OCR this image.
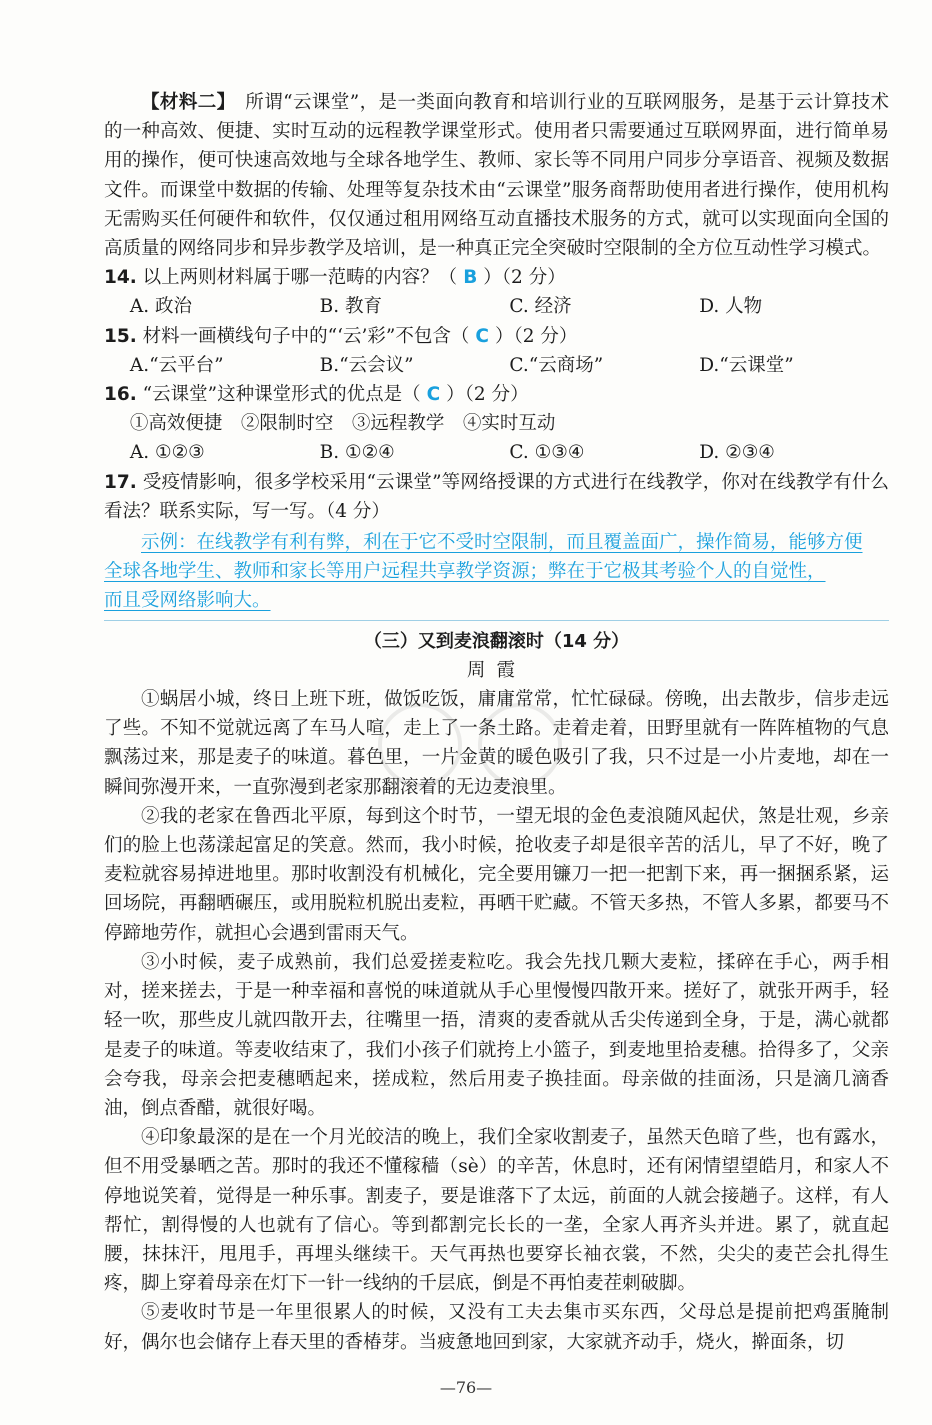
【材料二】　 所谓“云课堂”，是一类面向教育和培训行业的互联网服务，是基于云计算技术的一种高效、便捷、实时互动的远程教学课堂形式。使用者只需要通过互联网界面，进行简单易用的操作，便可快速高效地与全球各地学生、教师、家长等不同用户同步分享语音、视频及数据文件。而课堂中数据的传输、处理等复杂技术由“云课堂”服务商帮助使用者进行操作，使用机构无需购买任何硬件和软件，仅仅通过租用网络互动直播技术服务的方式，就可以实现面向全国的高质量的网络同步和异步教学及培训，是一种真正完全突破时空限制的全方位互动性学习模式。

14. 以上两则材料属于哪一范畴的内容？（ B ）（2 分）

A. 政治	B. 教育	C. 经济	D. 人物

15. 材料一画横线句子中的“‘云’彩”不包含（ C ）（2 分）

A.“云平台”	B.“云会议”	C.“云商场”	D.“云课堂”

16. “云课堂”这种课堂形式的优点是（ C ）（2 分）

①高效便捷　②限制时空　③远程教学　④实时互动

A. ①②③	B. ①②④	C. ①③④	D. ②③④

17. 受疫情影响，很多学校采用“云课堂”等网络授课的方式进行在线教学，你对在线教学有什么看法？联系实际，写一写。（4 分）

示例：在线教学有利有弊，利在于它不受时空限制，而且覆盖面广，操作简易，能够方便
全球各地学生、教师和家长等用户远程共享教学资源；弊在于它极其考验个人的自觉性，
而且受网络影响大。

（三）又到麦浪翻滚时（14 分）

周霞

①蜗居小城，终日上班下班，做饭吃饭，庸庸常常，忙忙碌碌。傍晚，出去散步，信步走远了些。不知不觉就远离了车马人喧，走上了一条土路。走着走着，田野里就有一阵阵植物的气息飘荡过来，那是麦子的味道。暮色里，一片金黄的暖色吸引了我，只不过是一小片麦地，却在一瞬间弥漫开来，一直弥漫到老家那翻滚着的无边麦浪里。

②我的老家在鲁西北平原，每到这个时节，一望无垠的金色麦浪随风起伏，煞是壮观，乡亲们的脸上也荡漾起富足的笑意。然而，我小时候，抢收麦子却是很辛苦的活儿，早了不好，晚了麦粒就容易掉进地里。那时收割没有机械化，完全要用镰刀一把一把割下来，再一捆捆系紧，运回场院，再翻晒碾压，或用脱粒机脱出麦粒，再晒干贮藏。不管天多热，不管人多累，都要马不停蹄地劳作，就担心会遇到雷雨天气。

③小时候，麦子成熟前，我们总爱搓麦粒吃。我会先找几颗大麦粒，揉碎在手心，两手相对，搓来搓去，于是一种幸福和喜悦的味道就从手心里慢慢四散开来。搓好了，就张开两手，轻轻一吹，那些皮儿就四散开去，往嘴里一捂，清爽的麦香就从舌尖传递到全身，于是，满心就都是麦子的味道。等麦收结束了，我们小孩子们就挎上小篮子，到麦地里拾麦穗。拾得多了，父亲会夸我，母亲会把麦穗晒起来，搓成粒，然后用麦子换挂面。母亲做的挂面汤，只是滴几滴香油，倒点香醋，就很好喝。

④印象最深的是在一个月光皎洁的晚上，我们全家收割麦子，虽然天色暗了些，也有露水，但不用受暴晒之苦。那时的我还不懂稼穑（sè）的辛苦，休息时，还有闲情望望皓月，和家人不停地说笑着，觉得是一种乐事。割麦子，要是谁落下了太远，前面的人就会接趟子。这样，有人帮忙，割得慢的人也就有了信心。等到都割完长长的一垄，全家人再齐头并进。累了，就直起腰，抹抹汗，甩甩手，再埋头继续干。天气再热也要穿长袖衣裳，不然，尖尖的麦芒会扎得生疼，脚上穿着母亲在灯下一针一线纳的千层底，倒是不再怕麦茬刺破脚。

⑤麦收时节是一年里很累人的时候，又没有工夫去集市买东西，父母总是提前把鸡蛋腌制好，偶尔也会储存上春天里的香椿芽。当疲惫地回到家，大家就齐动手，烧火，擀面条，切

—76—
